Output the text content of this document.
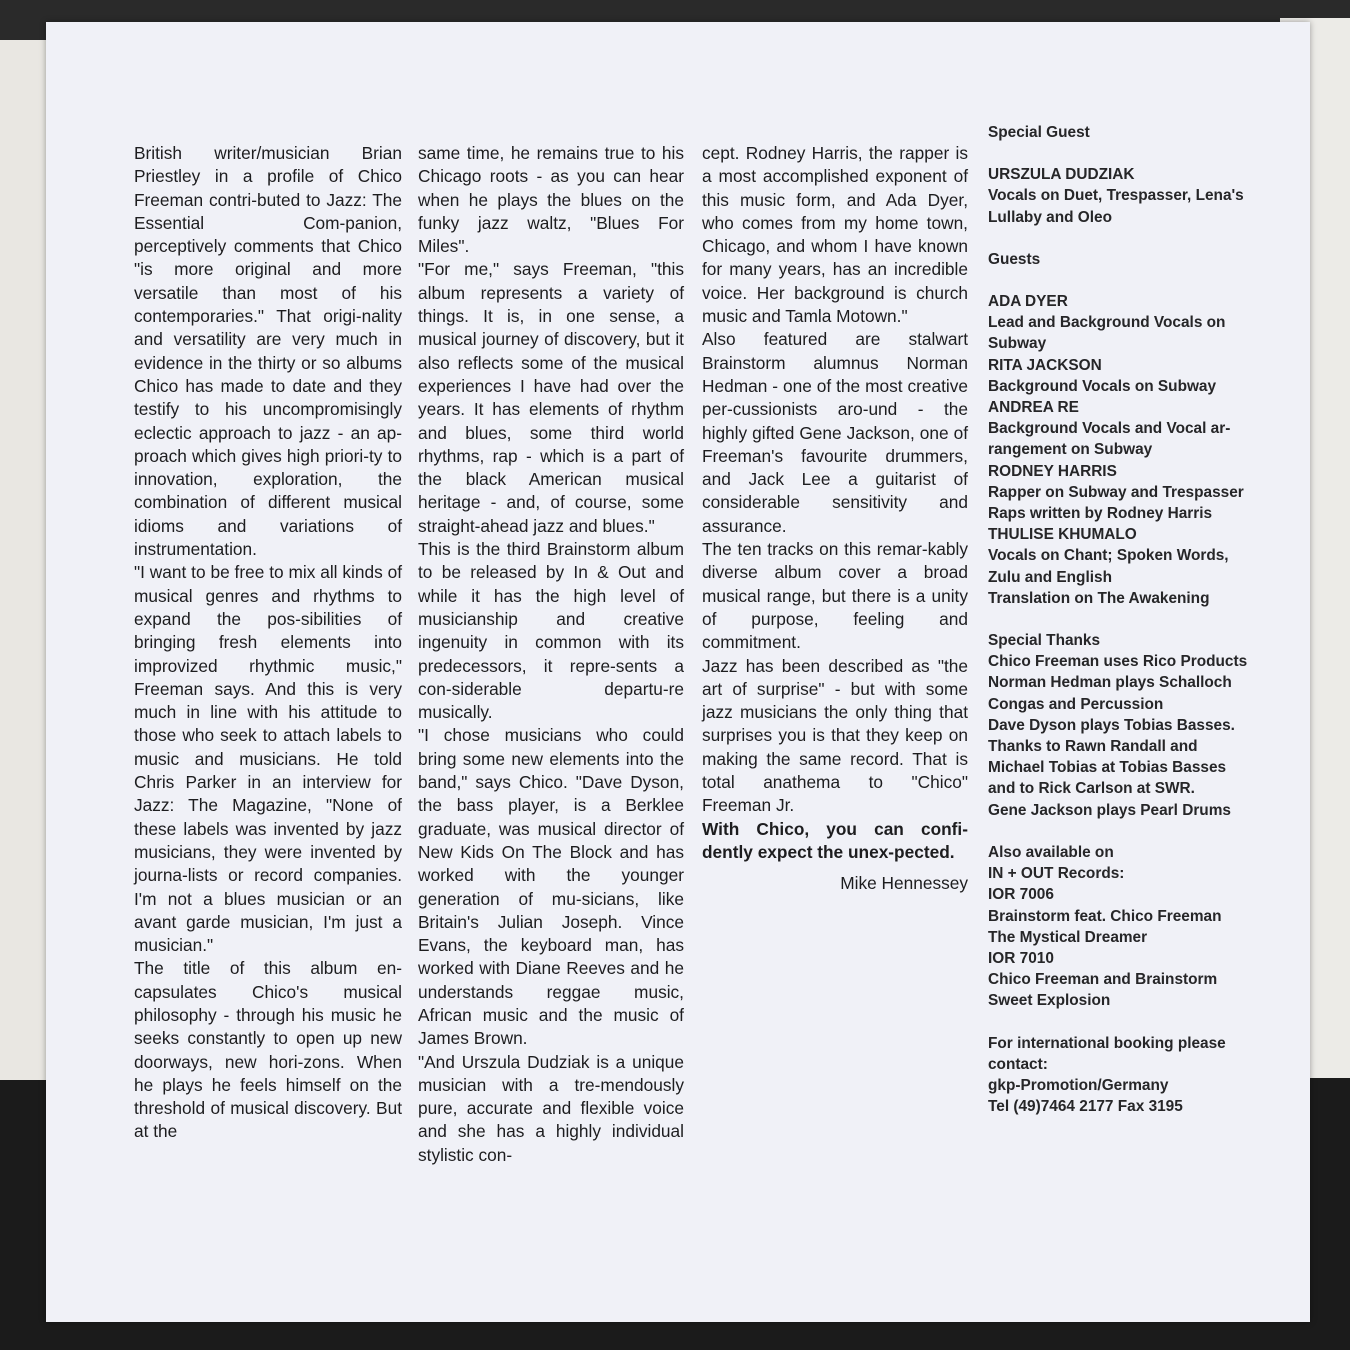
British writer/musician Brian Priestley in a profile of Chico Freeman contri-buted to Jazz: The Essential Com-panion, perceptively comments that Chico "is more original and more versatile than most of his contemporaries." That origi-nality and versatility are very much in evidence in the thirty or so albums Chico has made to date and they testify to his uncompromisingly eclectic approach to jazz - an ap-proach which gives high priori-ty to innovation, exploration, the combination of different musical idioms and variations of instrumentation.

"I want to be free to mix all kinds of musical genres and rhythms to expand the pos-sibilities of bringing fresh elements into improvized rhythmic music," Freeman says. And this is very much in line with his attitude to those who seek to attach labels to music and musicians. He told Chris Parker in an interview for Jazz: The Magazine, "None of these labels was invented by jazz musicians, they were invented by journa-lists or record companies. I'm not a blues musician or an avant garde musician, I'm just a musician."

The title of this album en-capsulates Chico's musical philosophy - through his music he seeks constantly to open up new doorways, new hori-zons. When he plays he feels himself on the threshold of musical discovery. But at the

same time, he remains true to his Chicago roots - as you can hear when he plays the blues on the funky jazz waltz, "Blues For Miles".

"For me," says Freeman, "this album represents a variety of things. It is, in one sense, a musical journey of discovery, but it also reflects some of the musical experiences I have had over the years. It has elements of rhythm and blues, some third world rhythms, rap - which is a part of the black American musical heritage - and, of course, some straight-ahead jazz and blues."

This is the third Brainstorm album to be released by In & Out and while it has the high level of musicianship and creative ingenuity in common with its predecessors, it repre-sents a con-siderable departu-re musically.

"I chose musicians who could bring some new elements into the band," says Chico. "Dave Dyson, the bass player, is a Berklee graduate, was musical director of New Kids On The Block and has worked with the younger generation of mu-sicians, like Britain's Julian Joseph. Vince Evans, the keyboard man, has worked with Diane Reeves and he understands reggae music, African music and the music of James Brown.

"And Urszula Dudziak is a unique musician with a tre-mendously pure, accurate and flexible voice and she has a highly individual stylistic con-

cept. Rodney Harris, the rapper is a most accomplished exponent of this music form, and Ada Dyer, who comes from my home town, Chicago, and whom I have known for many years, has an incredible voice. Her background is church music and Tamla Motown."

Also featured are stalwart Brainstorm alumnus Norman Hedman - one of the most creative per-cussionists aro-und - the highly gifted Gene Jackson, one of Freeman's favourite drummers, and Jack Lee a guitarist of considerable sensitivity and assurance.

The ten tracks on this remar-kably diverse album cover a broad musical range, but there is a unity of purpose, feeling and commitment.

Jazz has been described as "the art of surprise" - but with some jazz musicians the only thing that surprises you is that they keep on making the same record. That is total anathema to "Chico" Freeman Jr.

With Chico, you can confi-dently expect the unex-pected.

Mike Hennessey

Special Guest
URSZULA DUDZIAK
Vocals on Duet, Trespasser, Lena's Lullaby and Oleo
Guests
ADA DYER
Lead and Background Vocals on Subway
RITA JACKSON
Background Vocals on Subway
ANDREA RE
Background Vocals and Vocal ar-rangement on Subway
RODNEY HARRIS
Rapper on Subway and Trespasser
Raps written by Rodney Harris
THULISE KHUMALO
Vocals on Chant; Spoken Words, Zulu and English
Translation on The Awakening
Special Thanks
Chico Freeman uses Rico Products
Norman Hedman plays Schalloch Congas and Percussion
Dave Dyson plays Tobias Basses.
Thanks to Rawn Randall and Michael Tobias at Tobias Basses and to Rick Carlson at SWR.
Gene Jackson plays Pearl Drums
Also available on
IN + OUT Records:
IOR 7006
Brainstorm feat. Chico Freeman
The Mystical Dreamer
IOR 7010
Chico Freeman and Brainstorm
Sweet Explosion
For international booking please contact:
gkp-Promotion/Germany
Tel (49)7464 2177 Fax 3195
